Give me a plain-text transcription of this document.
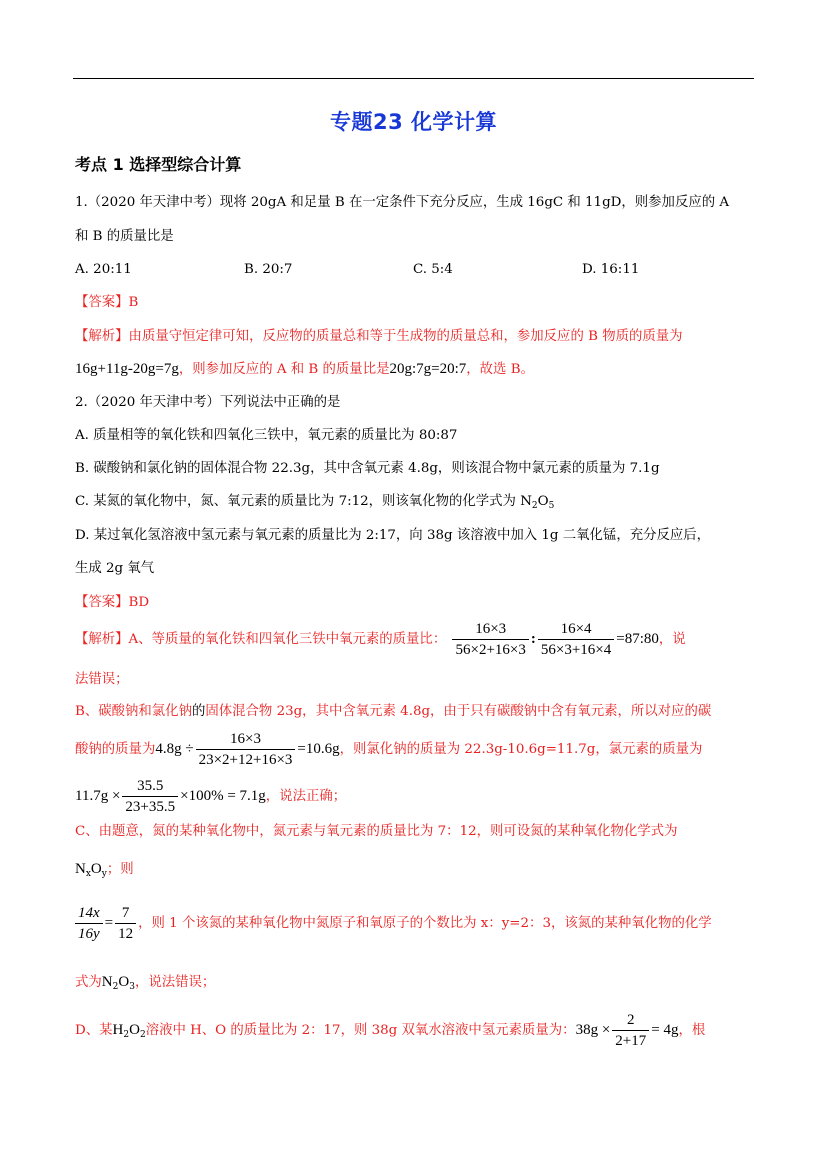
专题23 化学计算
考点 1 选择型综合计算
1.（2020 年天津中考）现将 20gA 和足量 B 在一定条件下充分反应，生成 16gC 和 11gD，则参加反应的 A
和 B 的质量比是
A. 20:11	B. 20:7	C. 5:4	D. 16:11
【答案】B
【解析】由质量守恒定律可知，反应物的质量总和等于生成物的质量总和，参加反应的 B 物质的质量为
16g+11g-20g=7g，则参加反应的 A 和 B 的质量比是20g:7g=20:7，故选 B。
2.（2020 年天津中考）下列说法中正确的是
A. 质量相等的氧化铁和四氧化三铁中，氧元素的质量比为 80:87
B. 碳酸钠和氯化钠的固体混合物 22.3g，其中含氧元素 4.8g，则该混合物中氯元素的质量为 7.1g
C. 某氮的氧化物中，氮、氧元素的质量比为 7:12，则该氧化物的化学式为 $N_2O_5$
D. 某过氧化氢溶液中氢元素与氧元素的质量比为 2:17，向 38g 该溶液中加入 1g 二氧化锰，充分反应后，
生成 2g 氧气
【答案】BD
【解析】A、等质量的氧化铁和四氧化三铁中氧元素的质量比： $\frac{16\times 3}{56\times 2+16\times 3}$ : $\frac{16\times 4}{56\times 3+16\times 4}$ =87:80，说
法错误；
B、碳酸钠和氯化钠的固体混合物 23g，其中含氧元素 4.8g，由于只有碳酸钠中含有氧元素，所以对应的碳
酸钠的质量为$4.8g \div \frac{16\times 3}{23\times 2+12+16\times 3} =10.6g$，则氯化钠的质量为 22.3g-10.6g=11.7g，氯元素的质量为
$11.7g \times \frac{35.5}{23+35.5} \times 100\% = 7.1g$，说法正确；
C、由题意，氮的某种氧化物中，氮元素与氧元素的质量比为 7：12，则可设氮的某种氧化物化学式为
$N_xO_y$；则
$\frac{14x}{16y} = \frac{7}{12}$ ，则 1 个该氮的某种氧化物中氮原子和氧原子的个数比为 x：y=2：3，该氮的某种氧化物的化学
式为$N_2O_3$，说法错误；
D、某$H_2O_2$溶液中 H、O 的质量比为 2：17，则 38g 双氧水溶液中氢元素质量为：$38g \times \frac{2}{2+17} = 4g$，根
